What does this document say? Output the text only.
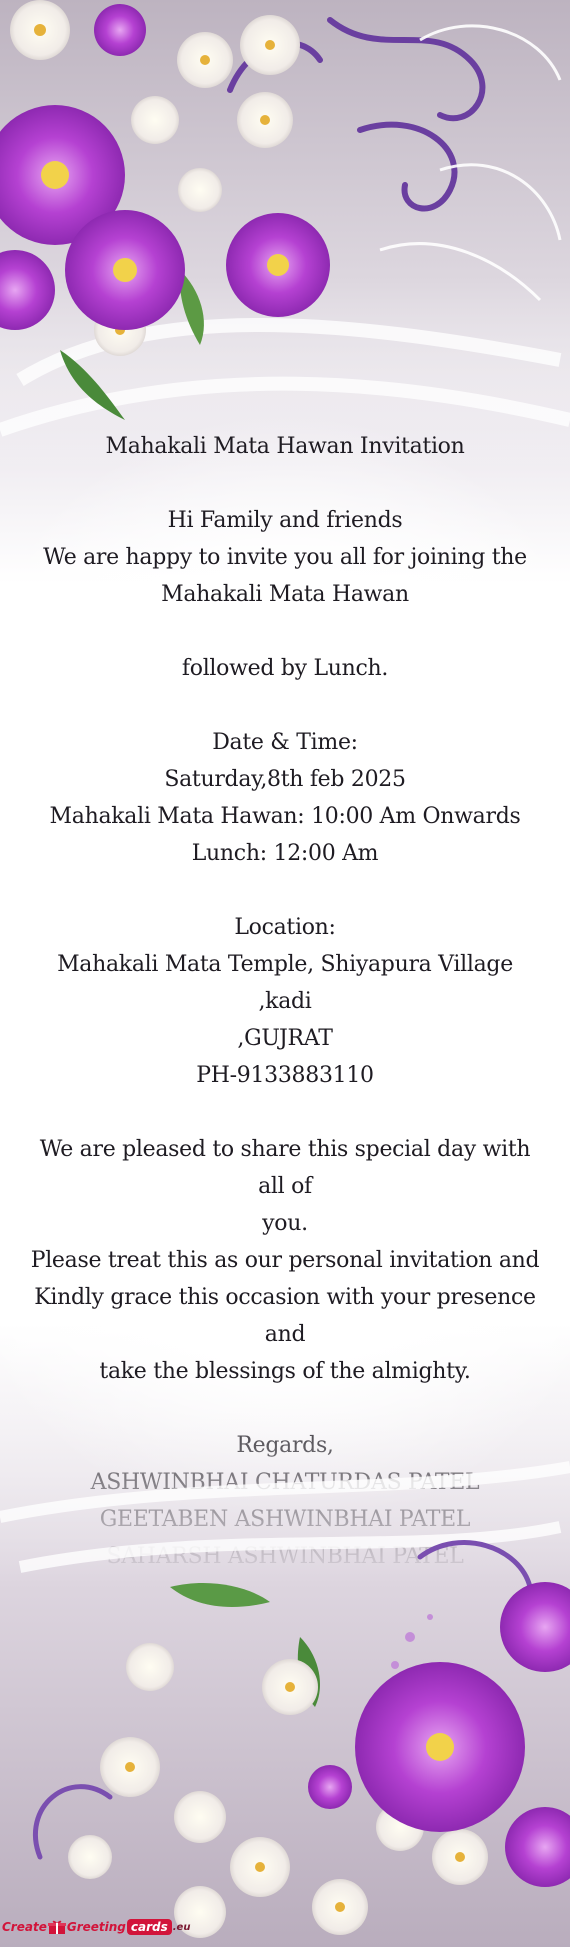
Mahakali Mata Hawan Invitation

Hi Family and friends

We are happy to invite you all for joining the

Mahakali Mata Hawan

followed by Lunch.

Date & Time:

Saturday,8th feb 2025

Mahakali Mata Hawan: 10:00 Am Onwards

Lunch: 12:00 Am

Location:

Mahakali Mata Temple, Shiyapura Village ,kadi

,GUJRAT

PH-9133883110

We are pleased to share this special day with all of

you.

Please treat this as our personal invitation and

Kindly grace this occasion with your presence and

take the blessings of the almighty.

Create Greeting cards .eu
